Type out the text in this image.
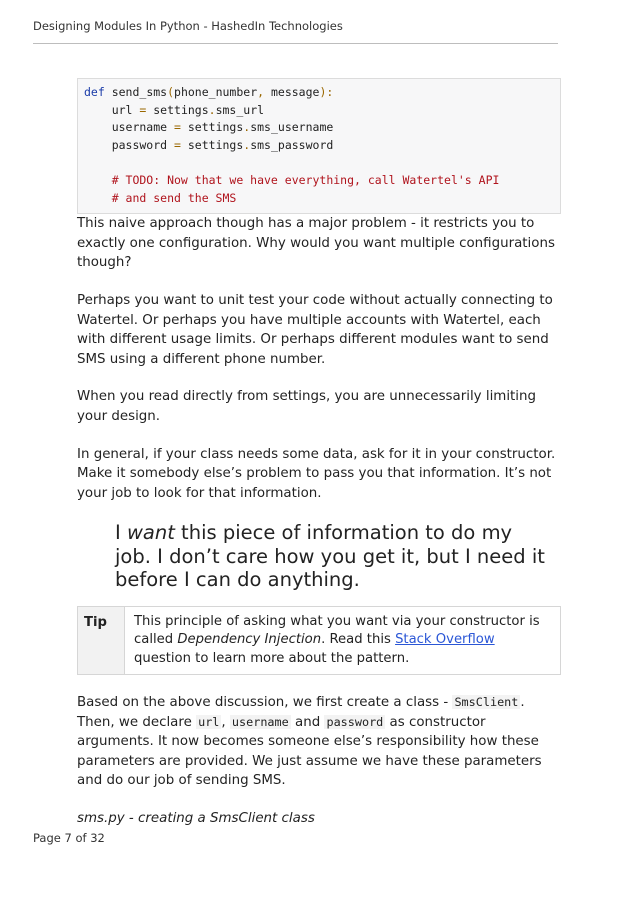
Designing Modules In Python - HashedIn Technologies
def send_sms(phone_number, message):
url = settings.sms_url
username = settings.sms_username
password = settings.sms_password
# TODO: Now that we have everything, call Watertel's API
# and send the SMS

This naive approach though has a major problem - it restricts you to exactly one configuration. Why would you want multiple configurations though?

Perhaps you want to unit test your code without actually connecting to Watertel. Or perhaps you have multiple accounts with Watertel, each with different usage limits. Or perhaps different modules want to send SMS using a different phone number.

When you read directly from settings, you are unnecessarily limiting your design.

In general, if your class needs some data, ask for it in your constructor. Make it somebody else’s problem to pass you that information. It’s not your job to look for that information.

I want this piece of information to do my job. I don’t care how you get it, but I need it before I can do anything.
Tip	This principle of asking what you want via your constructor is called Dependency Injection. Read this Stack Overflow question to learn more about the pattern.

Based on the above discussion, we first create a class - SmsClient . Then, we declare url , username and password as constructor arguments. It now becomes someone else’s responsibility how these parameters are provided. We just assume we have these parameters and do our job of sending SMS.

sms.py - creating a SmsClient class

Page 7 of 32
